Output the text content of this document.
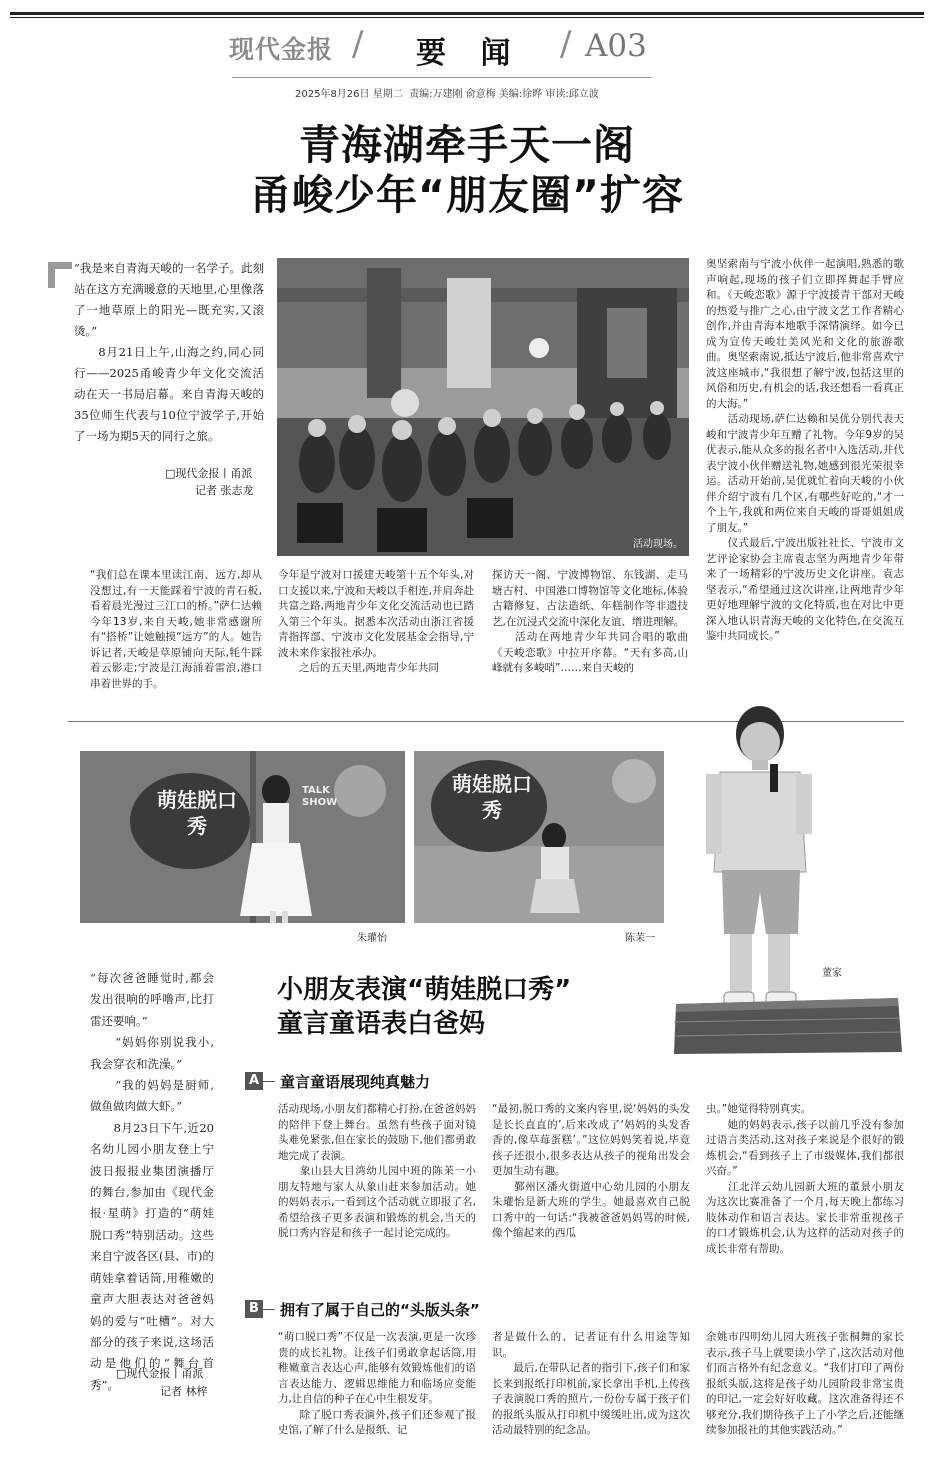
现代金报 / 要 闻 / A03
2025年8月26日 星期二  责编:万建刚 俞意梅 美编:徐晔 审读:邱立波
青海湖牵手天一阁
甬峻少年“朋友圈”扩容
“我是来自青海天峻的一名学子。此刻站在这方充满暖意的天地里,心里像落了一地草原上的阳光—既充实,又滚烫。”
　　8月21日上午,山海之约,同心同行——2025甬峻青少年文化交流活动在天一书局启幕。来自青海天峻的35位师生代表与10位宁波学子,开始了一场为期5天的同行之旅。
□现代金报丨甬派
记者 张志龙
活动现场。
奥坚索南与宁波小伙伴一起演唱,熟悉的歌声响起,现场的孩子们立即挥舞起手臂应和。《天峻恋歌》源于宁波援青干部对天峻的热爱与推广之心,由宁波文艺工作者精心创作,并由青海本地歌手深情演绎。如今已成为宣传天峻壮美风光和文化的旅游歌曲。奥坚索南说,抵达宁波后,他非常喜欢宁波这座城市,“我很想了解宁波,包括这里的风俗和历史,有机会的话,我还想看一看真正的大海。”
　　活动现场,萨仁达赖和吴优分别代表天峻和宁波青少年互赠了礼物。今年9岁的吴优表示,能从众多的报名者中入选活动,并代表宁波小伙伴赠送礼物,她感到很光荣很幸运。活动开始前,吴优就忙着向天峻的小伙伴介绍宁波有几个区,有哪些好吃的,“才一个上午,我就和两位来自天峻的哥哥姐姐成了朋友。”
　　仪式最后,宁波出版社社长、宁波市文艺评论家协会主席袁志坚为两地青少年带来了一场精彩的宁波历史文化讲座。袁志坚表示,“希望通过这次讲座,让两地青少年更好地理解宁波的文化特质,也在对比中更深入地认识青海天峻的文化特色,在交流互鉴中共同成长。”
“我们总在课本里读江南、远方,却从没想过,有一天能踩着宁波的青石板,看着晨光漫过三江口的桥。”萨仁达赖今年13岁,来自天峻,她非常感谢所有“搭桥”让她触摸“远方”的人。她告诉记者,天峻是草原铺向天际,牦牛踩着云影走;宁波是江海涌着雷浪,港口串着世界的手。
今年是宁波对口援建天峻第十五个年头,对口支援以来,宁波和天峻以手相连,并肩奔赴共富之路,两地青少年文化交流活动也已踏入第三个年头。据悉本次活动由浙江省援青指挥部、宁波市文化发展基金会指导,宁波未来作家报社承办。
　　之后的五天里,两地青少年共同
探访天一阁、宁波博物馆、东钱湖、走马塘古村、中国港口博物馆等文化地标,体验古籍修复、古法造纸、年糕制作等非遗技艺,在沉浸式交流中深化友谊、增进理解。
　　活动在两地青少年共同合唱的歌曲《天峻恋歌》中拉开序幕。“天有多高,山峰就有多峻哨”……来自天峻的
萌娃脱口秀
TALK SHOW
朱瓘怡
萌娃脱口秀
陈苿一
董家
小朋友表演“萌娃脱口秀”
童言童语表白爸妈
“每次爸爸睡觉时,都会发出很响的呼噜声,比打雷还要响。”
　　“妈妈你别说我小,我会穿衣和洗澡。”
　　“我的妈妈是厨师,做鱼做肉做大虾。”
　　8月23日下午,近20名幼儿园小朋友登上宁波日报报业集团演播厅的舞台,参加由《现代金报·星萌》打造的“萌娃脱口秀”特别活动。这些来自宁波各区(县、市)的萌娃拿着话筒,用稚嫩的童声大胆表达对爸爸妈妈的爱与“吐槽”。对大部分的孩子来说,这场活动是他们的“舞台首秀”。
□现代金报丨甬派
记者 林梓
A 童言童语展现纯真魅力
活动现场,小朋友们都精心打扮,在爸爸妈妈的陪伴下登上舞台。虽然有些孩子面对镜头难免紧张,但在家长的鼓励下,他们都勇敢地完成了表演。
　　象山县大目湾幼儿园中班的陈苿一小朋友特地与家人从象山赶来参加活动。她的妈妈表示,一看到这个活动就立即报了名,希望给孩子更多表演和锻炼的机会,当天的脱口秀内容是和孩子一起讨论完成的。
“最初,脱口秀的文案内容里,说‘妈妈的头发是长长直直的’,后来改成了‘妈妈的头发香香的,像草莓蛋糕’。”这位妈妈笑着说,毕竟孩子还很小,很多表达从孩子的视角出发会更加生动有趣。
　　鄞州区潘火街道中心幼儿园的小朋友朱瓘怡是新大班的学生。她最喜欢自己脱口秀中的一句话:“我被爸爸妈妈骂的时候,像个缩起来的西瓜
虫。”她觉得特别真实。
　　她的妈妈表示,孩子以前几乎没有参加过语言类活动,这对孩子来说是个很好的锻炼机会,“看到孩子上了市级媒体,我们都很兴奋。”
　　江北洋云幼儿园新大班的董景小朋友为这次比赛准备了一个月,每天晚上都练习肢体动作和语言表达。家长非常重视孩子的口才锻炼机会,认为这样的活动对孩子的成长非常有帮助。
B 拥有了属于自己的“头版头条”
“萌口脱口秀”不仅是一次表演,更是一次珍贵的成长礼物。让孩子们勇敢拿起话筒,用稚嫩童言表达心声,能够有效锻炼他们的语言表达能力、逻辑思维能力和临场应变能力,让自信的种子在心中生根发芽。
　　除了脱口秀表演外,孩子们还参观了报史馆,了解了什么是报纸、记
者是做什么的、记者证有什么用途等知识。
　　最后,在带队记者的指引下,孩子们和家长来到报纸打印机前,家长拿出手机,上传孩子表演脱口秀的照片,一份份专属于孩子们的报纸头版从打印机中缓缓吐出,成为这次活动最特别的纪念品。
余姚市四明幼儿园大班孩子张桐舞的家长表示,孩子马上就要读小学了,这次活动对他们而言格外有纪念意义。“我们打印了两份报纸头版,这将是孩子幼儿园阶段非常宝贵的印记,一定会好好收藏。这次准备得还不够充分,我们期待孩子上了小学之后,还能继续参加报社的其他实践活动。”
